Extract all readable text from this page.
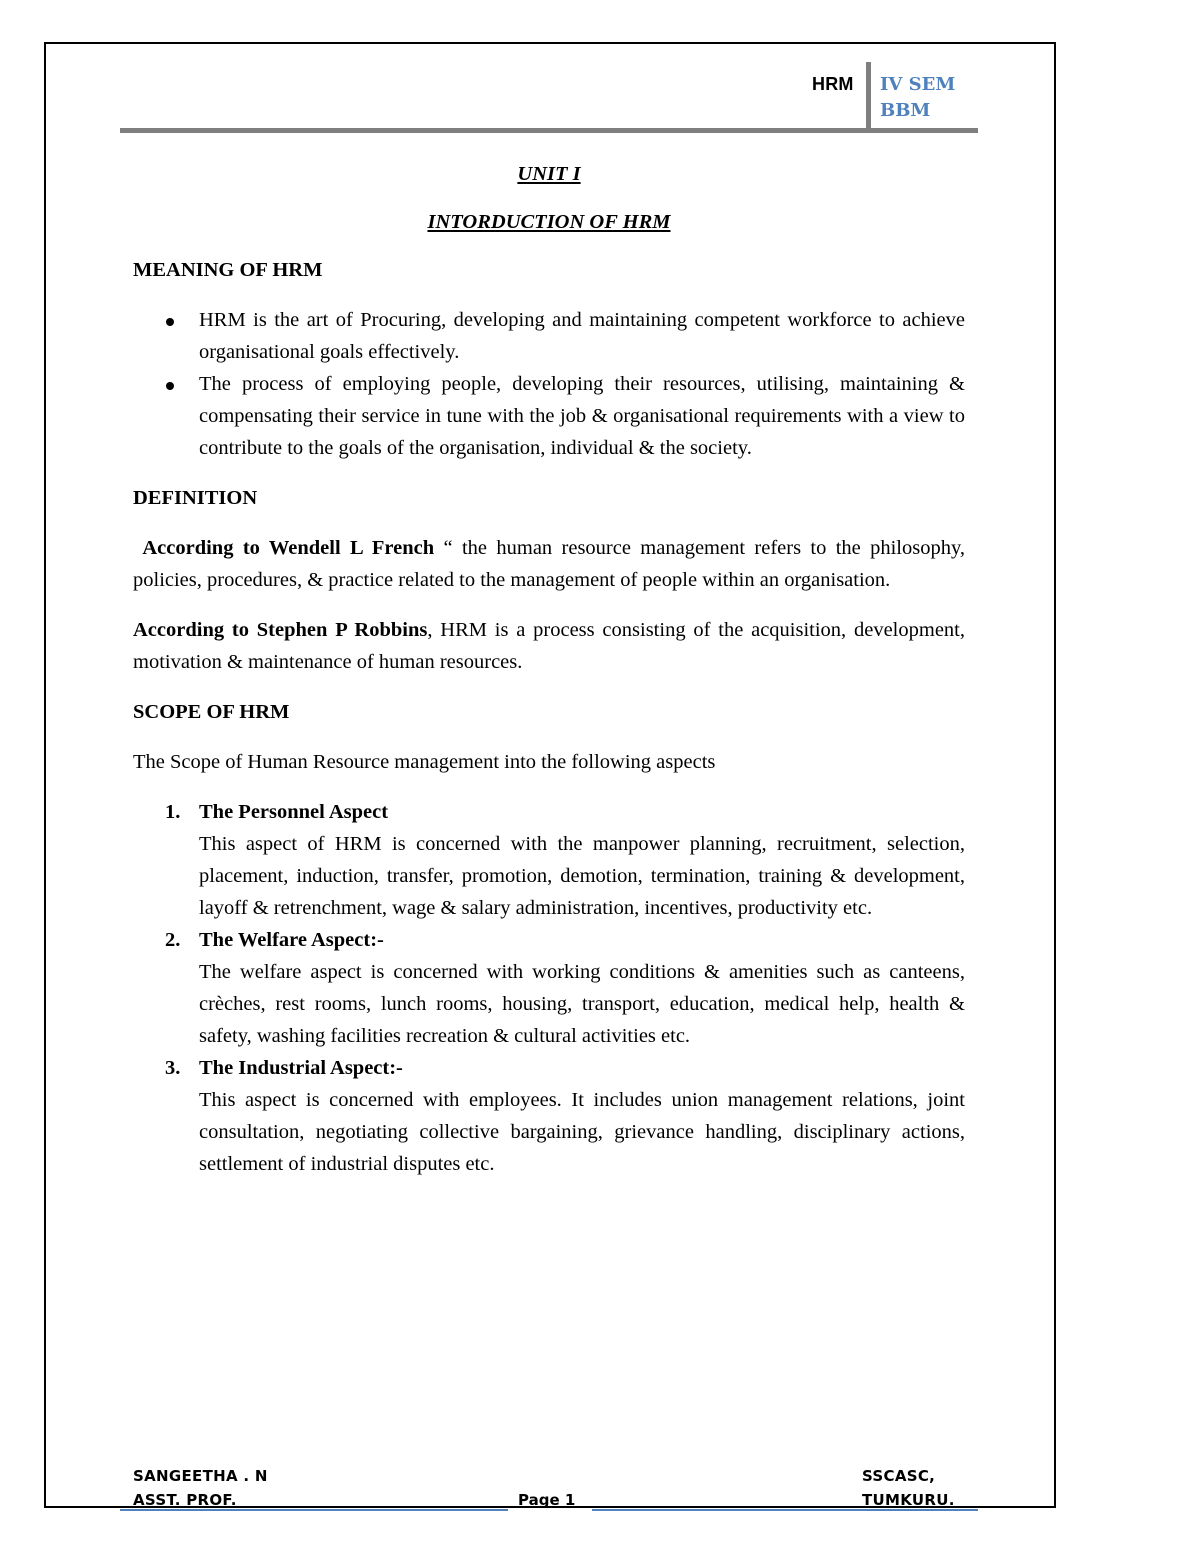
HRM IV SEM
BBM
UNIT I
INTORDUCTION OF HRM
MEANING OF HRM
HRM is the art of Procuring, developing and maintaining competent workforce to achieve organisational goals effectively.
The process of employing people, developing their resources, utilising, maintaining & compensating their service in tune with the job & organisational requirements with a view to contribute to the goals of the organisation, individual & the society.
DEFINITION
According to Wendell L French “ the human resource management refers to the philosophy, policies, procedures, & practice related to the management of people within an organisation.
According to Stephen P Robbins, HRM is a process consisting of the acquisition, development, motivation & maintenance of human resources.
SCOPE OF HRM
The Scope of Human Resource management into the following aspects
1. The Personnel Aspect
This aspect of HRM is concerned with the manpower planning, recruitment, selection, placement, induction, transfer, promotion, demotion, termination, training & development, layoff & retrenchment, wage & salary administration, incentives, productivity etc.
2. The Welfare Aspect:-
The welfare aspect is concerned with working conditions & amenities such as canteens, crèches, rest rooms, lunch rooms, housing, transport, education, medical help, health & safety, washing facilities recreation & cultural activities etc.
3. The Industrial Aspect:-
This aspect is concerned with employees. It includes union management relations, joint consultation, negotiating collective bargaining, grievance handling, disciplinary actions, settlement of industrial disputes etc.
SANGEETHA . N
ASST. PROF.	Page 1
SSCASC,
TUMKURU.
